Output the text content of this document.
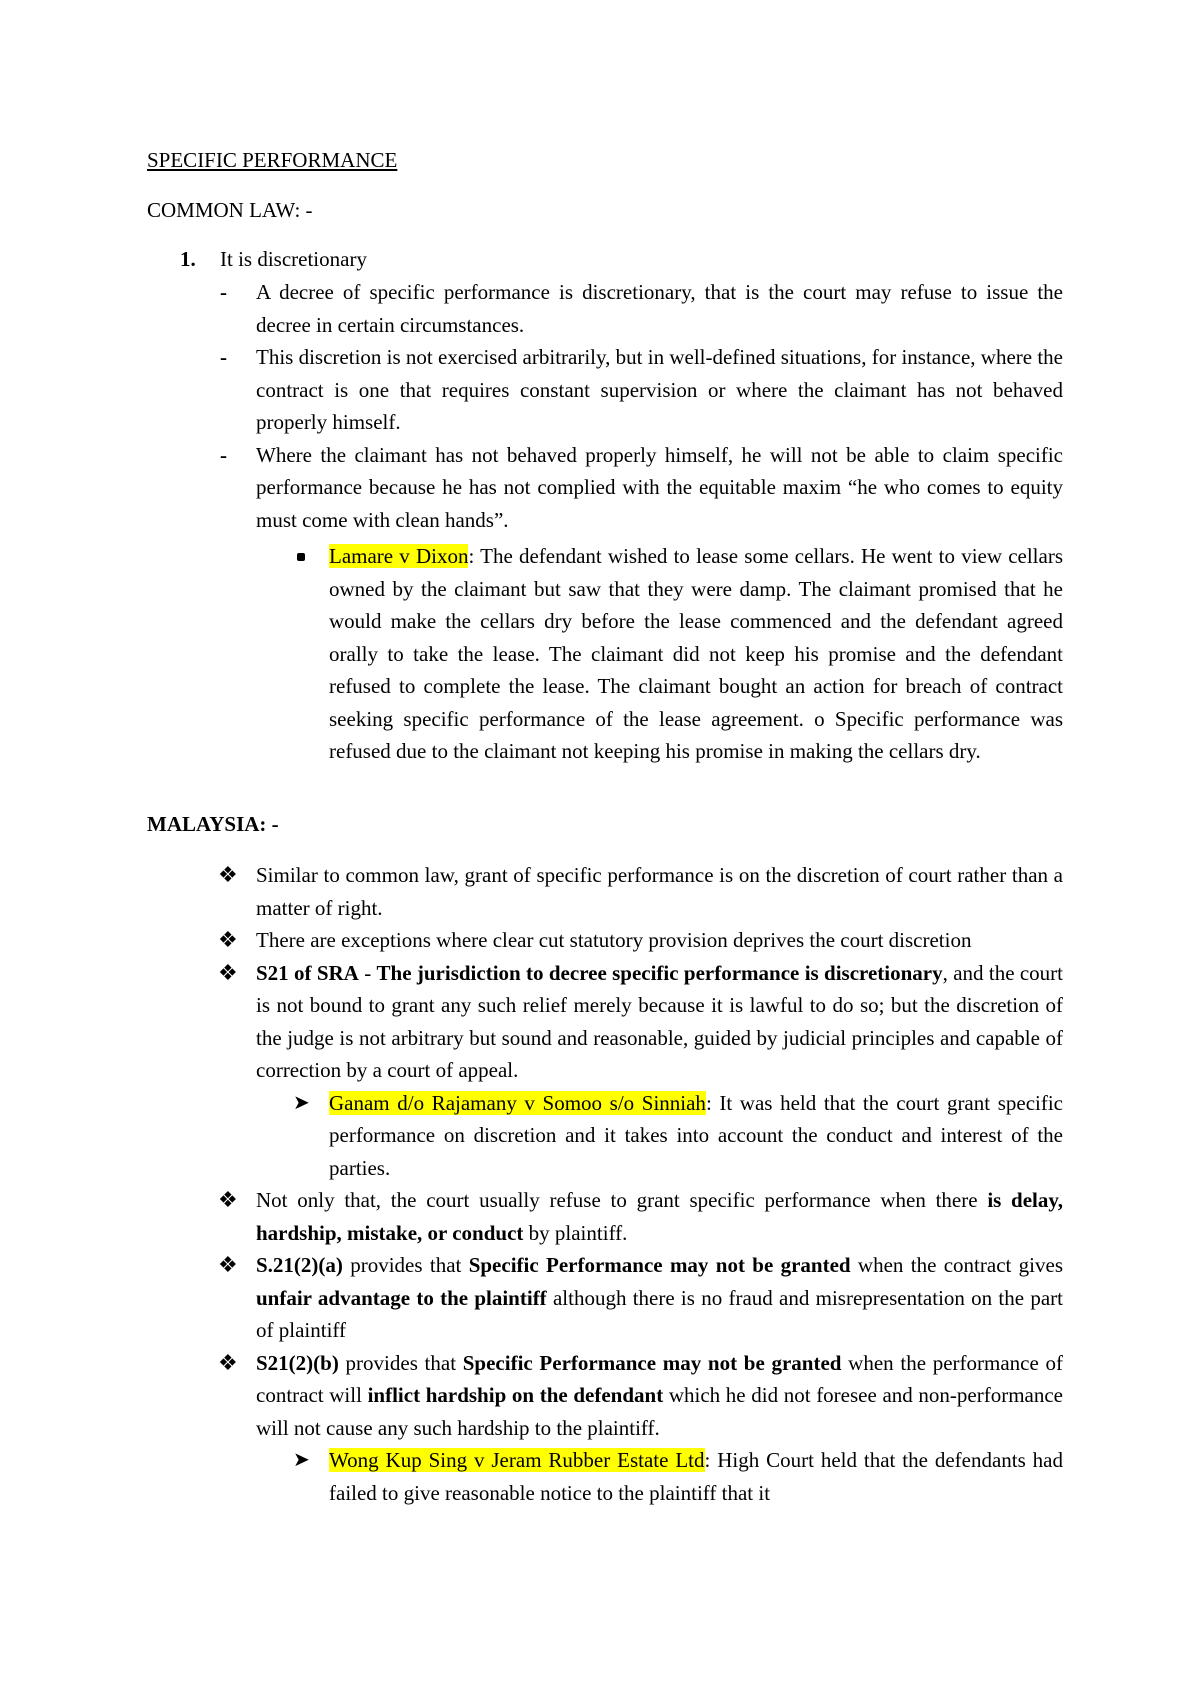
SPECIFIC PERFORMANCE
COMMON LAW: -
1. It is discretionary
- A decree of specific performance is discretionary, that is the court may refuse to issue the decree in certain circumstances.
- This discretion is not exercised arbitrarily, but in well-defined situations, for instance, where the contract is one that requires constant supervision or where the claimant has not behaved properly himself.
- Where the claimant has not behaved properly himself, he will not be able to claim specific performance because he has not complied with the equitable maxim “he who comes to equity must come with clean hands”.
Lamare v Dixon: The defendant wished to lease some cellars. He went to view cellars owned by the claimant but saw that they were damp. The claimant promised that he would make the cellars dry before the lease commenced and the defendant agreed orally to take the lease. The claimant did not keep his promise and the defendant refused to complete the lease. The claimant bought an action for breach of contract seeking specific performance of the lease agreement. o Specific performance was refused due to the claimant not keeping his promise in making the cellars dry.
MALAYSIA: -
❖ Similar to common law, grant of specific performance is on the discretion of court rather than a matter of right.
❖ There are exceptions where clear cut statutory provision deprives the court discretion
❖ S21 of SRA - The jurisdiction to decree specific performance is discretionary, and the court is not bound to grant any such relief merely because it is lawful to do so; but the discretion of the judge is not arbitrary but sound and reasonable, guided by judicial principles and capable of correction by a court of appeal.
➤ Ganam d/o Rajamany v Somoo s/o Sinniah: It was held that the court grant specific performance on discretion and it takes into account the conduct and interest of the parties.
❖ Not only that, the court usually refuse to grant specific performance when there is delay, hardship, mistake, or conduct by plaintiff.
❖ S.21(2)(a) provides that Specific Performance may not be granted when the contract gives unfair advantage to the plaintiff although there is no fraud and misrepresentation on the part of plaintiff
❖ S21(2)(b) provides that Specific Performance may not be granted when the performance of contract will inflict hardship on the defendant which he did not foresee and non-performance will not cause any such hardship to the plaintiff.
➤ Wong Kup Sing v Jeram Rubber Estate Ltd: High Court held that the defendants had failed to give reasonable notice to the plaintiff that it
